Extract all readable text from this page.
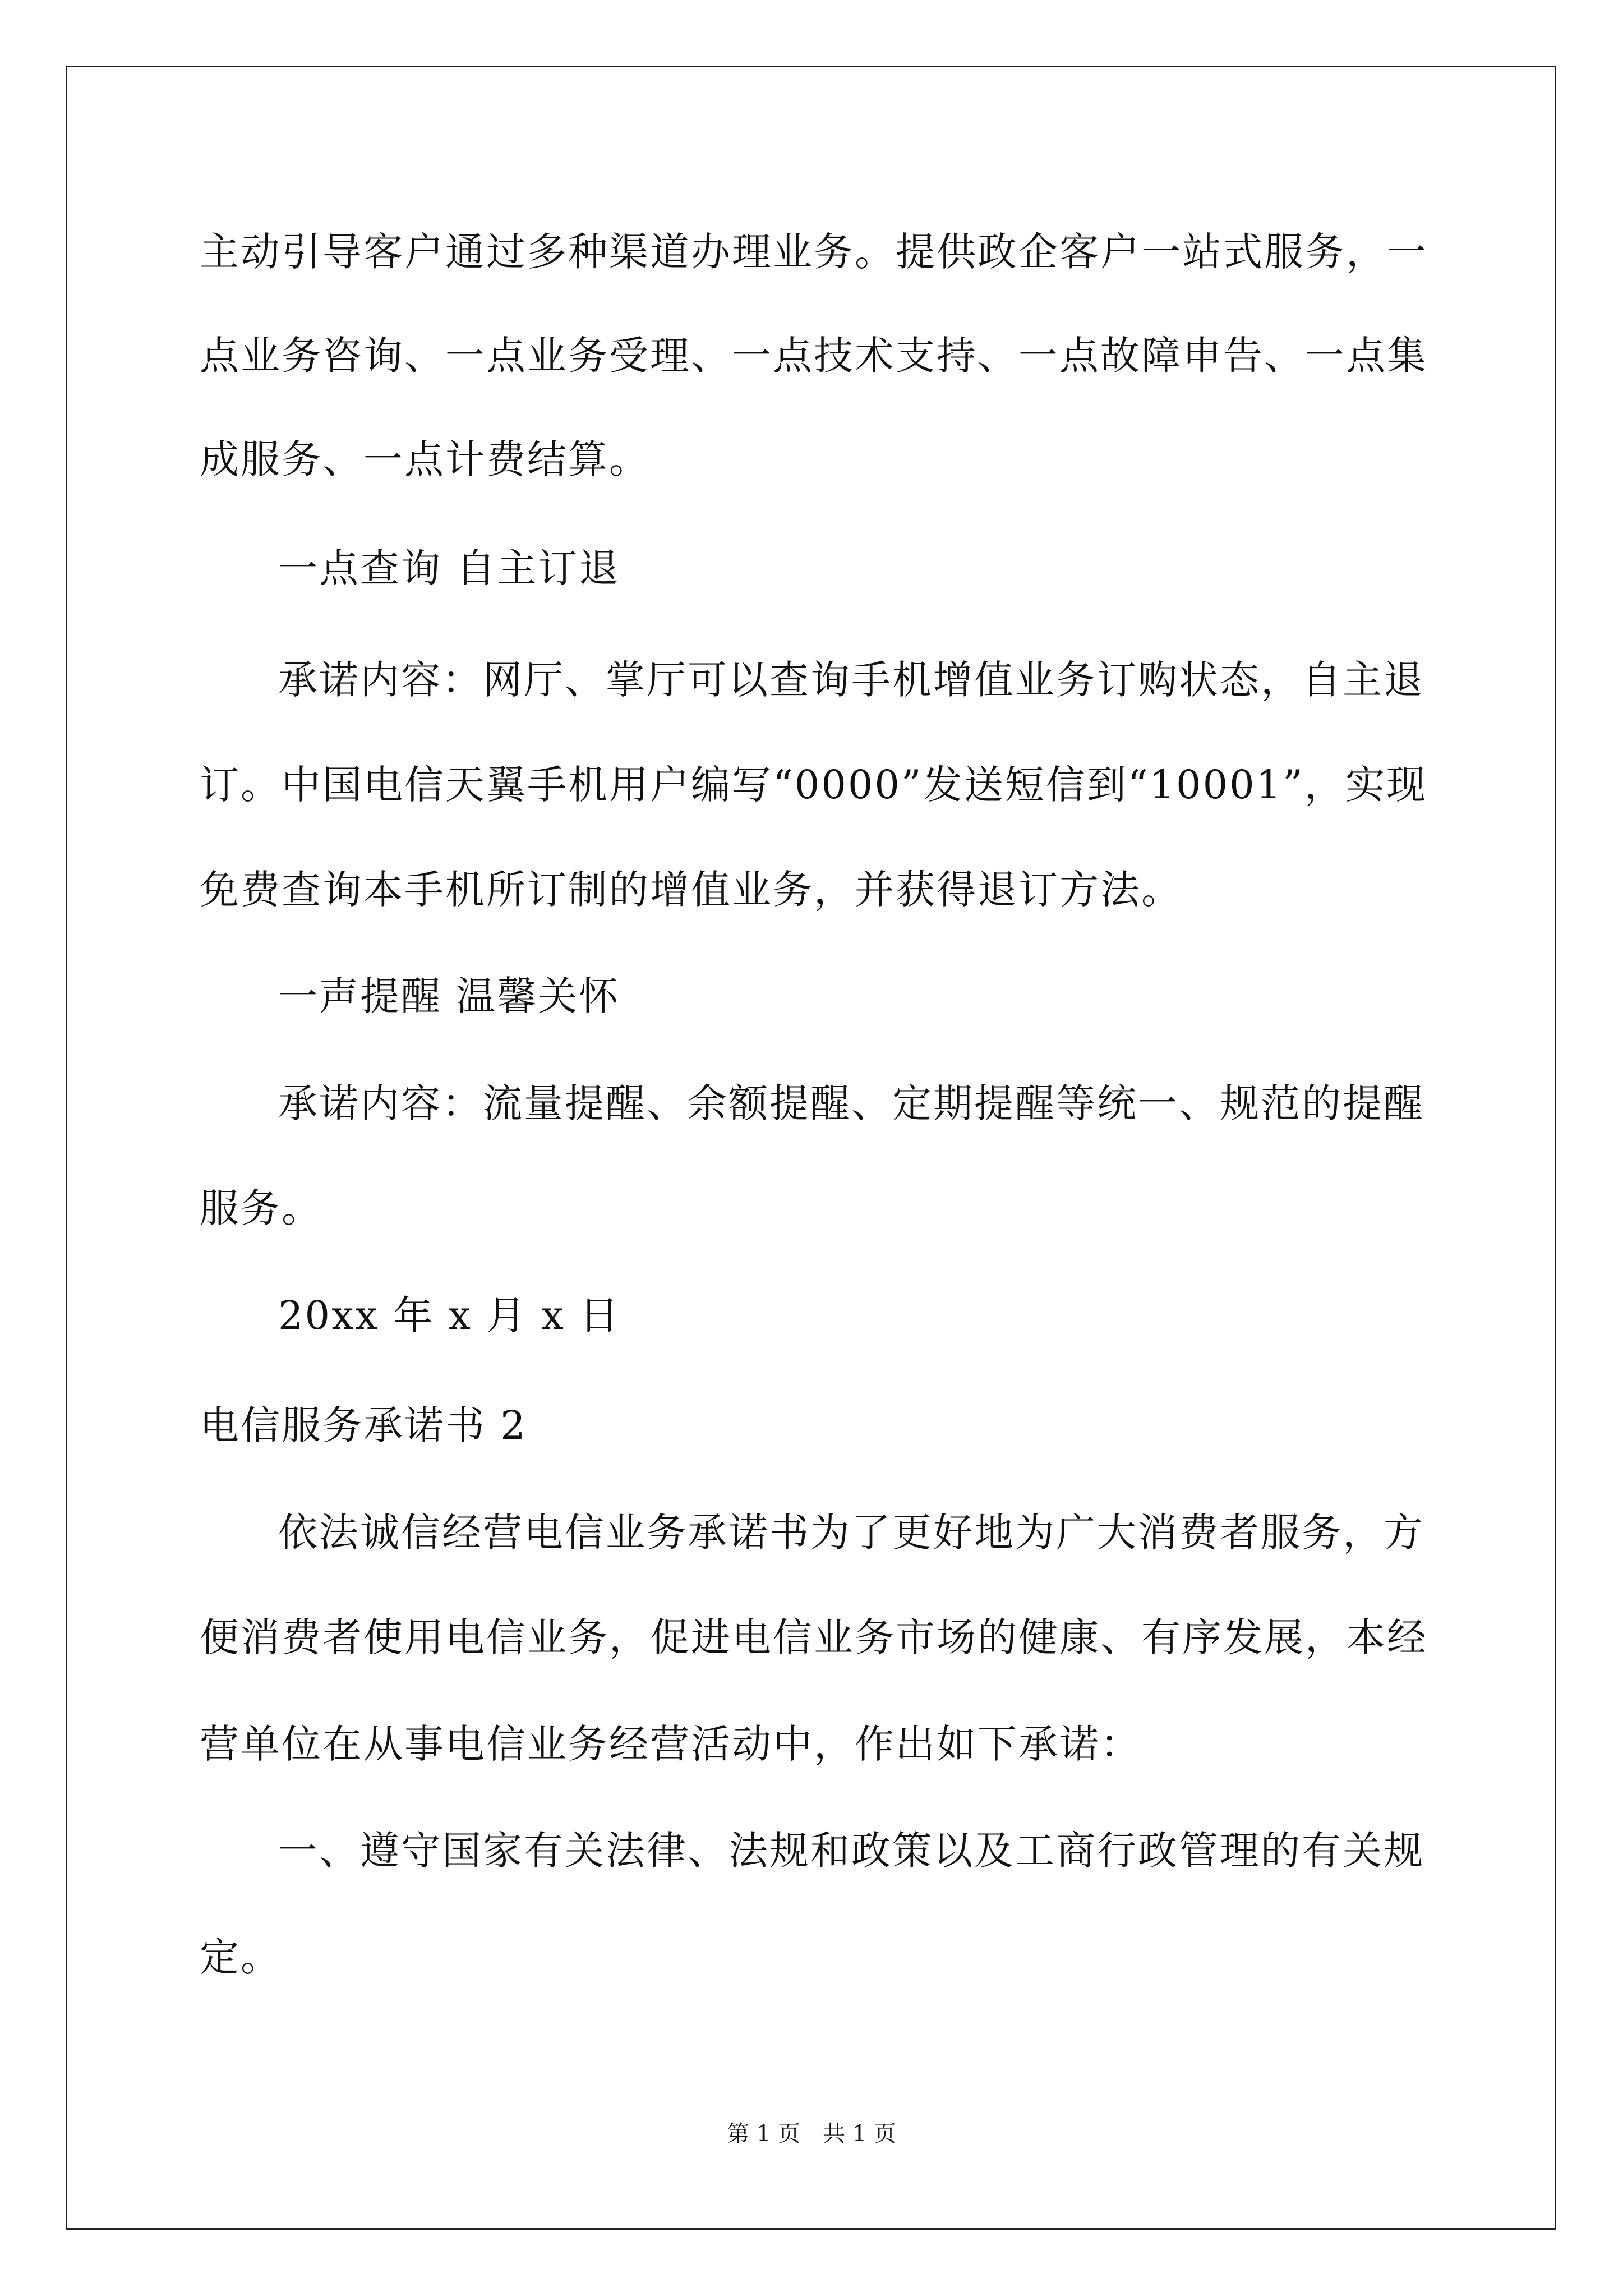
主动引导客户通过多种渠道办理业务。提供政企客户一站式服务，一
点业务咨询、一点业务受理、一点技术支持、一点故障申告、一点集
成服务、一点计费结算。
一点查询 自主订退
承诺内容：网厅、掌厅可以查询手机增值业务订购状态，自主退
订。中国电信天翼手机用户编写“0000”发送短信到“10001”，实现
免费查询本手机所订制的增值业务，并获得退订方法。
一声提醒 温馨关怀
承诺内容：流量提醒、余额提醒、定期提醒等统一、规范的提醒
服务。
20xx 年 x 月 x 日
电信服务承诺书 2
依法诚信经营电信业务承诺书为了更好地为广大消费者服务，方
便消费者使用电信业务，促进电信业务市场的健康、有序发展，本经
营单位在从事电信业务经营活动中，作出如下承诺：
一、遵守国家有关法律、法规和政策以及工商行政管理的有关规
定。
第 1 页　共 1 页
